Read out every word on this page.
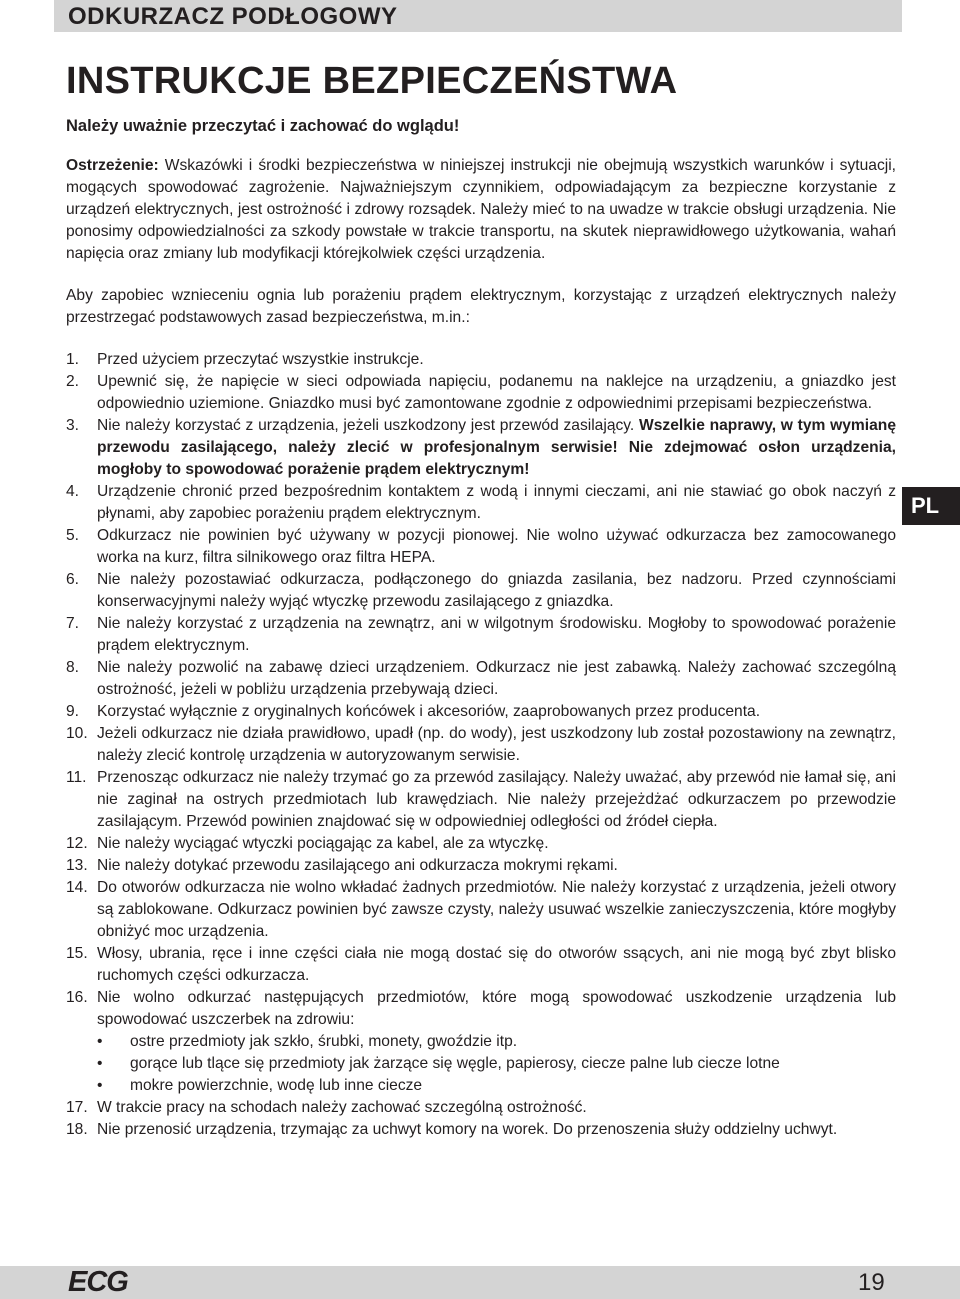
ODKURZACZ PODŁOGOWY
INSTRUKCJE BEZPIECZEŃSTWA
Należy uważnie przeczytać i zachować do wglądu!

Ostrzeżenie: Wskazówki i środki bezpieczeństwa w niniejszej instrukcji nie obejmują wszystkich warunków i sytuacji, mogących spowodować zagrożenie. Najważniejszym czynnikiem, odpowiadającym za bezpieczne korzystanie z urządzeń elektrycznych, jest ostrożność i zdrowy rozsądek. Należy mieć to na uwadze w trakcie obsługi urządzenia. Nie ponosimy odpowiedzialności za szkody powstałe w trakcie transportu, na skutek nieprawidłowego użytkowania, wahań napięcia oraz zmiany lub modyfikacji którejkolwiek części urządzenia.

Aby zapobiec wznieceniu ognia lub porażeniu prądem elektrycznym, korzystając z urządzeń elektrycznych należy przestrzegać podstawowych zasad bezpieczeństwa, m.in.:

1. Przed użyciem przeczytać wszystkie instrukcje.
2. Upewnić się, że napięcie w sieci odpowiada napięciu, podanemu na naklejce na urządzeniu, a gniazdko jest odpowiednio uziemione. Gniazdko musi być zamontowane zgodnie z odpowiednimi przepisami bezpieczeństwa.
3. Nie należy korzystać z urządzenia, jeżeli uszkodzony jest przewód zasilający. Wszelkie naprawy, w tym wymianę przewodu zasilającego, należy zlecić w profesjonalnym serwisie! Nie zdejmować osłon urządzenia, mogłoby to spowodować porażenie prądem elektrycznym!
4. Urządzenie chronić przed bezpośrednim kontaktem z wodą i innymi cieczami, ani nie stawiać go obok naczyń z płynami, aby zapobiec porażeniu prądem elektrycznym.
5. Odkurzacz nie powinien być używany w pozycji pionowej. Nie wolno używać odkurzacza bez zamocowanego worka na kurz, filtra silnikowego oraz filtra HEPA.
6. Nie należy pozostawiać odkurzacza, podłączonego do gniazda zasilania, bez nadzoru. Przed czynnościami konserwacyjnymi należy wyjąć wtyczkę przewodu zasilającego z gniazdka.
7. Nie należy korzystać z urządzenia na zewnątrz, ani w wilgotnym środowisku. Mogłoby to spowodować porażenie prądem elektrycznym.
8. Nie należy pozwolić na zabawę dzieci urządzeniem. Odkurzacz nie jest zabawką. Należy zachować szczególną ostrożność, jeżeli w pobliżu urządzenia przebywają dzieci.
9. Korzystać wyłącznie z oryginalnych końcówek i akcesoriów, zaaprobowanych przez producenta.
10. Jeżeli odkurzacz nie działa prawidłowo, upadł (np. do wody), jest uszkodzony lub został pozostawiony na zewnątrz, należy zlecić kontrolę urządzenia w autoryzowanym serwisie.
11. Przenosząc odkurzacz nie należy trzymać go za przewód zasilający. Należy uważać, aby przewód nie łamał się, ani nie zaginał na ostrych przedmiotach lub krawędziach. Nie należy przejeżdżać odkurzaczem po przewodzie zasilającym. Przewód powinien znajdować się w odpowiedniej odległości od źródeł ciepła.
12. Nie należy wyciągać wtyczki pociągając za kabel, ale za wtyczkę.
13. Nie należy dotykać przewodu zasilającego ani odkurzacza mokrymi rękami.
14. Do otworów odkurzacza nie wolno wkładać żadnych przedmiotów. Nie należy korzystać z urządzenia, jeżeli otwory są zablokowane. Odkurzacz powinien być zawsze czysty, należy usuwać wszelkie zanieczyszczenia, które mogłyby obniżyć moc urządzenia.
15. Włosy, ubrania, ręce i inne części ciała nie mogą dostać się do otworów ssących, ani nie mogą być zbyt blisko ruchomych części odkurzacza.
16. Nie wolno odkurzać następujących przedmiotów, które mogą spowodować uszkodzenie urządzenia lub spowodować uszczerbek na zdrowiu:
• ostre przedmioty jak szkło, śrubki, monety, gwoździe itp.
• gorące lub tlące się przedmioty jak żarzące się węgle, papierosy, ciecze palne lub ciecze lotne
• mokre powierzchnie, wodę lub inne ciecze
17. W trakcie pracy na schodach należy zachować szczególną ostrożność.
18. Nie przenosić urządzenia, trzymając za uchwyt komory na worek. Do przenoszenia służy oddzielny uchwyt.
PL
ECG	19
